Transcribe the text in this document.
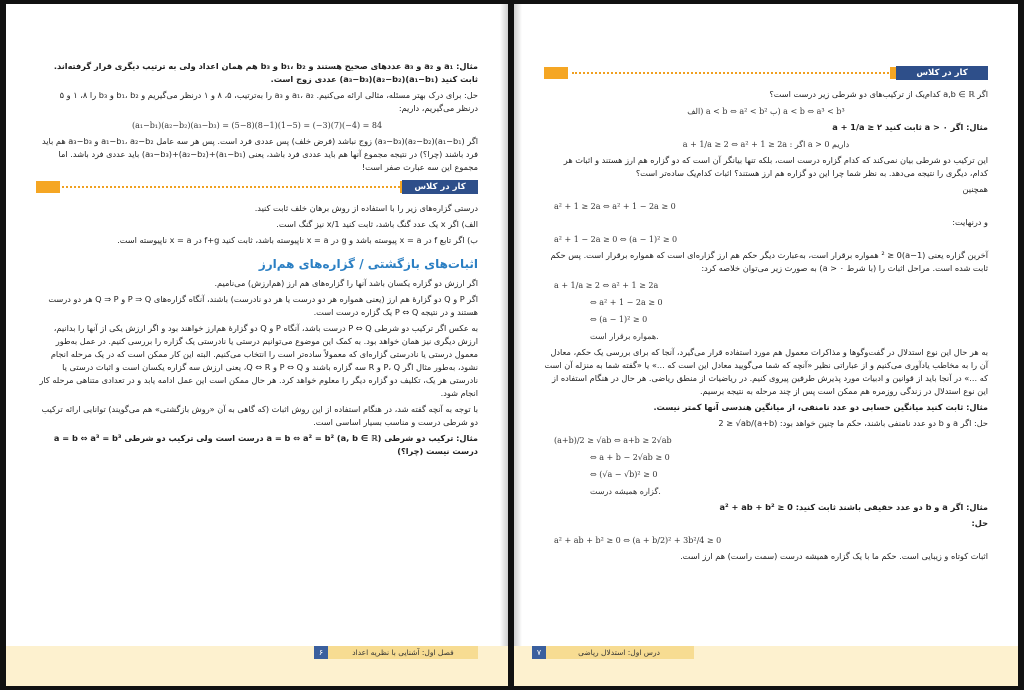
مثال: a₁ و a₂ و a₃ عددهای صحیح هستند و b₁، b₂ و b₃ هم همان اعداد ولی به ترتیب دیگری قرار گرفته‌اند. ثابت کنید (a₁−b₁)(a₂−b₂)(a₃−b₃) عددی زوج است.
حل: برای درک بهتر مسئله، مثالی ارائه می‌کنیم. a₁، a₂ و a₃ را به‌ترتیب، ۵، ۸ و ۱ درنظر می‌گیریم و b₁، b₂ و b₃ را ۸، ۱ و ۵ درنظر می‌گیریم، داریم:
(a₁−b₁)(a₂−b₂)(a₃−b₃) = (5−8)(8−1)(1−5) = (−3)(7)(−4) = 84
اگر (a₁−b₁)(a₂−b₂)(a₃−b₃) زوج نباشد (فرض خلف) پس عددی فرد است. پس هر سه عامل a₁−b₁، a₂−b₂ و a₃−b₃ هم باید فرد باشند (چرا؟) در نتیجه مجموع آنها هم باید عددی فرد باشد، یعنی (a₁−b₁)+(a₂−b₂)+(a₃−b₃) باید عددی فرد باشد. اما مجموع این سه عبارت صفر است!
کار در کلاس
درستی گزاره‌های زیر را با استفاده از روش برهان خلف ثابت کنید.
الف) اگر x یک عدد گنگ باشد، ثابت کنید 1/x نیز گنگ است.
ب) اگر تابع f در x = a پیوسته باشد و g در x = a ناپیوسته باشد، ثابت کنید f+g در x = a ناپیوسته است.
اثبات‌های بازگشتی / گزاره‌های هم‌ارز
اگر ارزش دو گزاره یکسان باشد آنها را گزاره‌های هم ارز (هم‌ارزش) می‌نامیم.
اگر P و Q دو گزارهٔ هم ارز (یعنی همواره هر دو درست یا هر دو نادرست) باشند، آنگاه گزاره‌های P ⇒ Q و Q ⇒ P هر دو درست هستند و در نتیجه P ⇔ Q یک گزاره درست است.
به عکس اگر ترکیب دو شرطی P ⇔ Q درست باشد، آنگاه P و Q دو گزارهٔ هم‌ارز خواهند بود و اگر ارزش یکی از آنها را بدانیم، ارزش دیگری نیز همان خواهد بود. به کمک این موضوع می‌توانیم درستی یا نادرستی یک گزاره را بررسی کنیم. در عمل به‌طور معمول درستی یا نادرستی گزاره‌ای که معمولاً ساده‌تر است را انتخاب می‌کنیم. البته این کار ممکن است که در یک مرحله انجام نشود، به‌طور مثال اگر P، Q و R سه گزاره باشند و P ⇔ Q و Q ⇔ R، یعنی ارزش سه گزاره یکسان است و اثبات درستی یا نادرستی هر یک، تکلیف دو گزاره دیگر را معلوم خواهد کرد. هر حال ممکن است این عمل ادامه یابد و در تعدادی متناهی مرحله کار انجام شود.
با توجه به آنچه گفته شد، در هنگام استفاده از این روش اثبات (که گاهی به آن «روش بازگشتی» هم می‌گویند) توانایی ارائه ترکیب دو شرطی درست و مناسب بسیار اساسی است.
مثال: ترکیب دو شرطی a = b ⇔ a² = b² (a, b ∈ ℝ) درست است ولی ترکیب دو شرطی a = b ⇔ a³ = b³ درست نیست (چرا؟)
فصل اول: آشنایی با نظریه اعداد
۶
کار در کلاس
اگر a,b ∈ ℝ کدام‌یک از ترکیب‌های دو شرطی زیر درست است؟
الف) a < b ⇔ a² < b² ب) a < b ⇔ a³ < b³
مثال: اگر a > ۰ ثابت کنید a + 1/a ≥ ۲
a + 1/a ≥ 2 ⇔ a² + 1 ≥ 2a : اگر a > 0 داریم
این ترکیب دو شرطی بیان نمی‌کند که کدام گزاره درست است، بلکه تنها بیانگر آن است که دو گزاره هم ارز هستند و اثبات هر کدام، دیگری را نتیجه می‌دهد. به نظر شما چرا این دو گزاره هم ارز هستند؟ اثبات کدام‌یک ساده‌تر است؟
همچنین
a² + 1 ≥ 2a ⇔ a² + 1 − 2a ≥ 0
و درنهایت:
a² + 1 − 2a ≥ 0 ⇔ (a − 1)² ≥ 0
آخرین گزاره یعنی (a−1)² ≥ 0 همواره برقرار است، به‌عبارت دیگر حکم هم ارز گزاره‌ای است که همواره برقرار است. پس حکم ثابت شده است. مراحل اثبات را (با شرط a > ۰) به صورت زیر می‌توان خلاصه کرد:
a + 1/a ≥ 2 ⇔ a² + 1 ≥ 2a
⇔ a² + 1 − 2a ≥ 0
⇔ (a − 1)² ≥ 0
همواره برقرار است.
به هر حال این نوع استدلال در گفت‌وگوها و مذاکرات معمول هم مورد استفاده قرار می‌گیرد، آنجا که برای بررسی یک حکم، معادل آن را به مخاطب یادآوری می‌کنیم و از عباراتی نظیر «آنچه که شما می‌گویید معادل این است که ...» یا «گفته شما به منزله آن است که ...» در آنجا باید از قوانین و ادبیات مورد پذیرش طرفین پیروی کنیم. در ریاضیات از منطق ریاضی. هر حال در هنگام استفاده از این نوع استدلال در زندگی روزمره هم ممکن است پس از چند مرحله به نتیجه برسیم.
مثال: ثابت کنید میانگین حسابی دو عدد نامنفی، از میانگین هندسی آنها کمتر نیست.
حل: اگر a و b دو عدد نامنفی باشند، حکم ما چنین خواهد بود: (a+b)/2 ≥ √ab
(a+b)/2 ≥ √ab ⇔ a+b ≥ 2√ab
⇔ a + b − 2√ab ≥ 0
⇔ (√a − √b)² ≥ 0
گزاره همیشه درست.
مثال: اگر a و b دو عدد حقیقی باشند ثابت کنید: a² + ab + b² ≥ 0
حل:
a² + ab + b² ≥ 0 ⇔ (a + b/2)² + 3b²/4 ≥ 0
اثبات کوتاه و زیبایی است. حکم ما با یک گزاره همیشه درست (سمت راست) هم ارز است.
درس اول: استدلال ریاضی
۷
